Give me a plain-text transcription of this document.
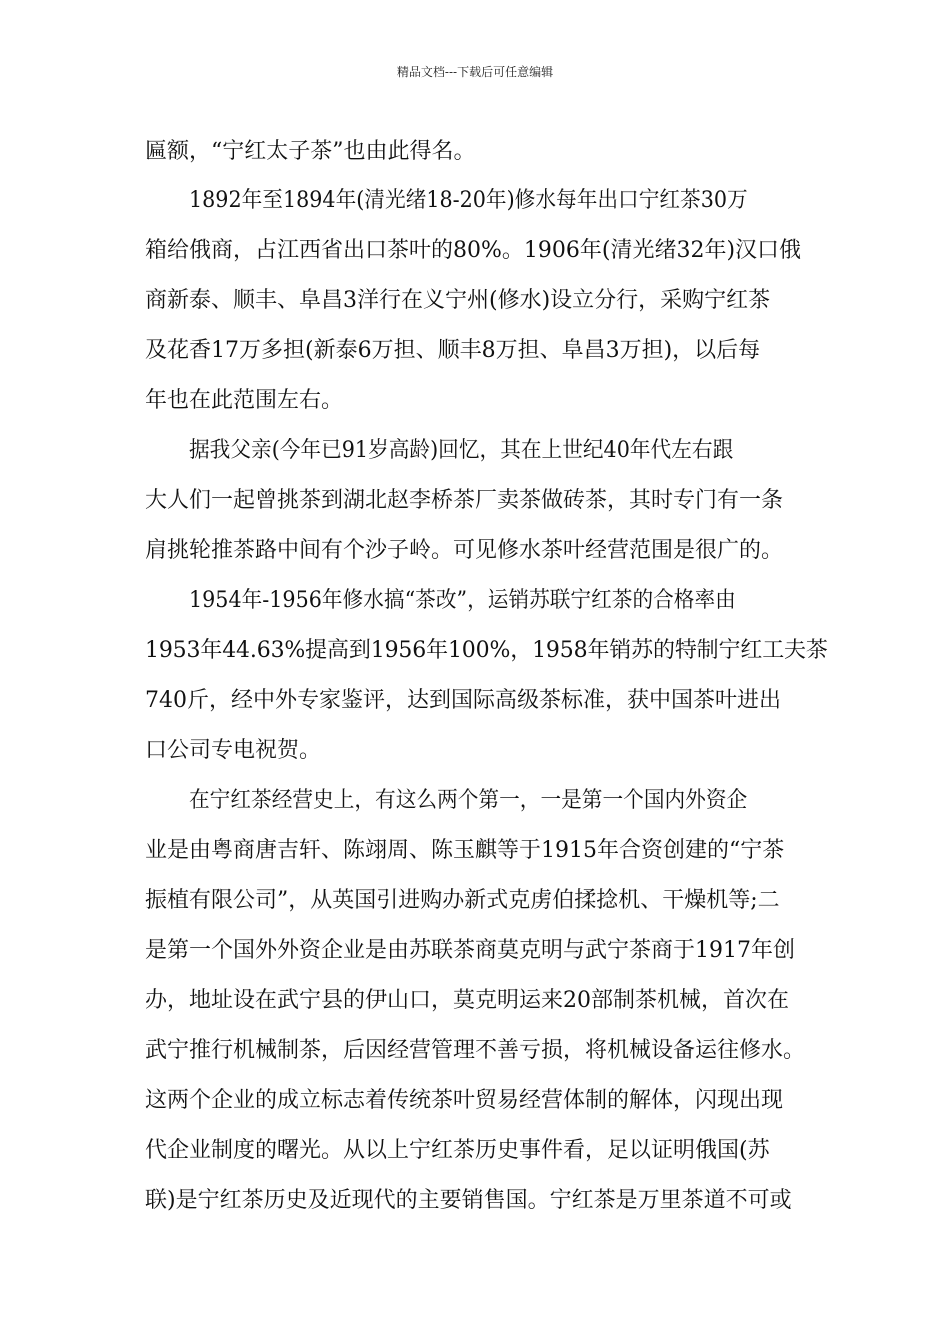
精品文档---下载后可任意编辑
匾额，“宁红太子茶”也由此得名。
1892年至1894年(清光绪18-20年)修水每年出口宁红茶30万
箱给俄商，占江西省出口茶叶的80%。1906年(清光绪32年)汉口俄
商新泰、顺丰、阜昌3洋行在义宁州(修水)设立分行，采购宁红茶
及花香17万多担(新泰6万担、顺丰8万担、阜昌3万担)，以后每
年也在此范围左右。
据我父亲(今年已91岁高龄)回忆，其在上世纪40年代左右跟
大人们一起曾挑茶到湖北赵李桥茶厂卖茶做砖茶，其时专门有一条
肩挑轮推茶路中间有个沙子岭。可见修水茶叶经营范围是很广的。
1954年-1956年修水搞“茶改”，运销苏联宁红茶的合格率由
1953年44.63%提高到1956年100%，1958年销苏的特制宁红工夫茶
740斤，经中外专家鉴评，达到国际高级茶标准，获中国茶叶进出
口公司专电祝贺。
在宁红茶经营史上，有这么两个第一，一是第一个国内外资企
业是由粤商唐吉轩、陈翊周、陈玉麒等于1915年合资创建的“宁茶
振植有限公司”，从英国引进购办新式克虏伯揉捻机、干燥机等;二
是第一个国外外资企业是由苏联茶商莫克明与武宁茶商于1917年创
办，地址设在武宁县的伊山口，莫克明运来20部制茶机械，首次在
武宁推行机械制茶，后因经营管理不善亏损，将机械设备运往修水。
这两个企业的成立标志着传统茶叶贸易经营体制的解体，闪现出现
代企业制度的曙光。从以上宁红茶历史事件看，足以证明俄国(苏
联)是宁红茶历史及近现代的主要销售国。宁红茶是万里茶道不可或
